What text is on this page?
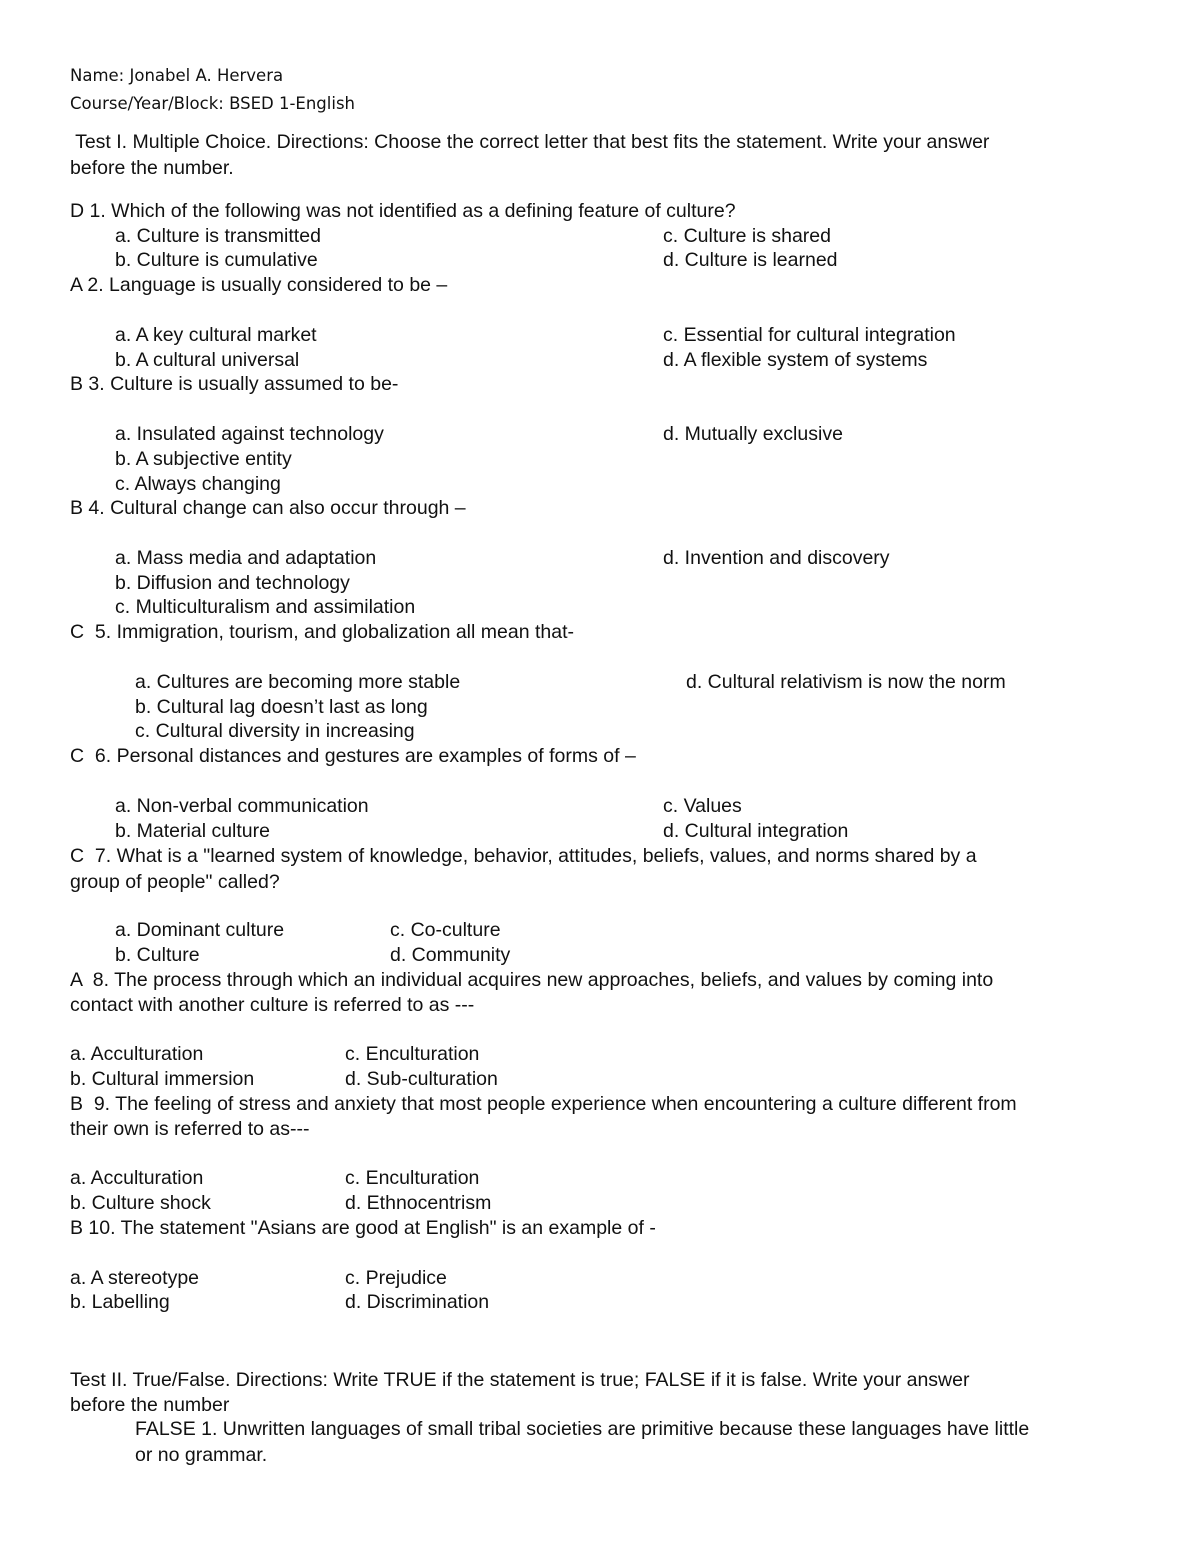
Name: Jonabel A. Hervera
Course/Year/Block: BSED 1-English
Test I. Multiple Choice. Directions: Choose the correct letter that best fits the statement. Write your answer
before the number.
D 1. Which of the following was not identified as a defining feature of culture?
a. Culture is transmitted	c. Culture is shared
b. Culture is cumulative	d. Culture is learned
A 2. Language is usually considered to be –
a. A key cultural market	c. Essential for cultural integration
b. A cultural universal	d. A flexible system of systems
B 3. Culture is usually assumed to be-
a. Insulated against technology	d. Mutually exclusive
b. A subjective entity
c. Always changing
B 4. Cultural change can also occur through –
a. Mass media and adaptation	d. Invention and discovery
b. Diffusion and technology
c. Multiculturalism and assimilation
C  5. Immigration, tourism, and globalization all mean that-
a. Cultures are becoming more stable	d. Cultural relativism is now the norm
b. Cultural lag doesn’t last as long
c. Cultural diversity in increasing
C  6. Personal distances and gestures are examples of forms of –
a. Non-verbal communication	c. Values
b. Material culture	d. Cultural integration
C  7. What is a "learned system of knowledge, behavior, attitudes, beliefs, values, and norms shared by a
group of people" called?
a. Dominant culture	c. Co-culture
b. Culture	d. Community
A  8. The process through which an individual acquires new approaches, beliefs, and values by coming into
contact with another culture is referred to as ---
a. Acculturation	c. Enculturation
b. Cultural immersion	d. Sub-culturation
B  9. The feeling of stress and anxiety that most people experience when encountering a culture different from
their own is referred to as---
a. Acculturation	c. Enculturation
b. Culture shock	d. Ethnocentrism
B 10. The statement "Asians are good at English" is an example of -
a. A stereotype	c. Prejudice
b. Labelling	d. Discrimination
Test II. True/False. Directions: Write TRUE if the statement is true; FALSE if it is false. Write your answer
before the number
FALSE 1. Unwritten languages of small tribal societies are primitive because these languages have little
or no grammar.
